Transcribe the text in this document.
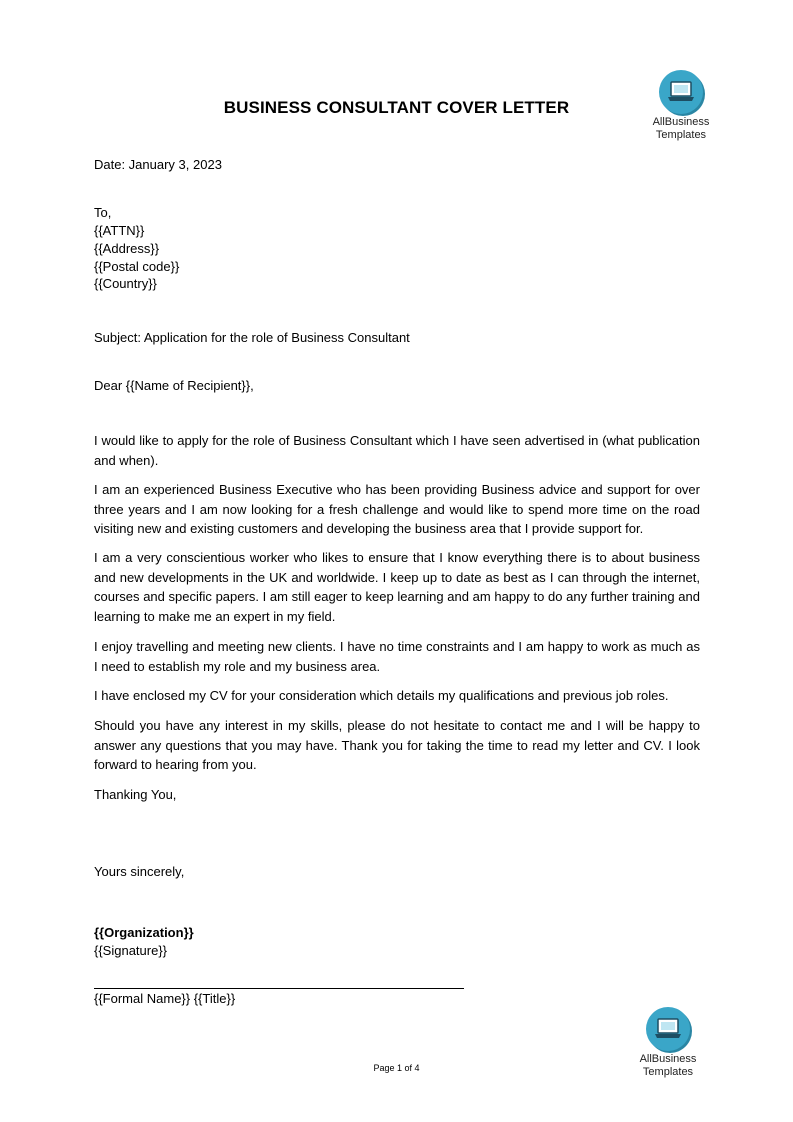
AllBusiness
Templates
BUSINESS CONSULTANT COVER LETTER
Date: January 3, 2023
To,
{{ATTN}}
{{Address}}
{{Postal code}}
{{Country}}
Subject: Application for the role of Business Consultant
Dear {{Name of Recipient}},
I would like to apply for the role of Business Consultant which I have seen advertised in (what publication and when).
I am an experienced Business Executive who has been providing Business advice and support for over three years and I am now looking for a fresh challenge and would like to spend more time on the road visiting new and existing customers and developing the business area that I provide support for.
I am a very conscientious worker who likes to ensure that I know everything there is to about business and new developments in the UK and worldwide. I keep up to date as best as I can through the internet, courses and specific papers. I am still eager to keep learning and am happy to do any further training and learning to make me an expert in my field.
I enjoy travelling and meeting new clients. I have no time constraints and I am happy to work as much as I need to establish my role and my business area.
I have enclosed my CV for your consideration which details my qualifications and previous job roles.
Should you have any interest in my skills, please do not hesitate to contact me and I will be happy to answer any questions that you may have. Thank you for taking the time to read my letter and CV. I look forward to hearing from you.
Thanking You,
Yours sincerely,
{{Organization}}
{{Signature}}
{{Formal Name}} {{Title}}
AllBusiness
Templates
Page 1 of 4
